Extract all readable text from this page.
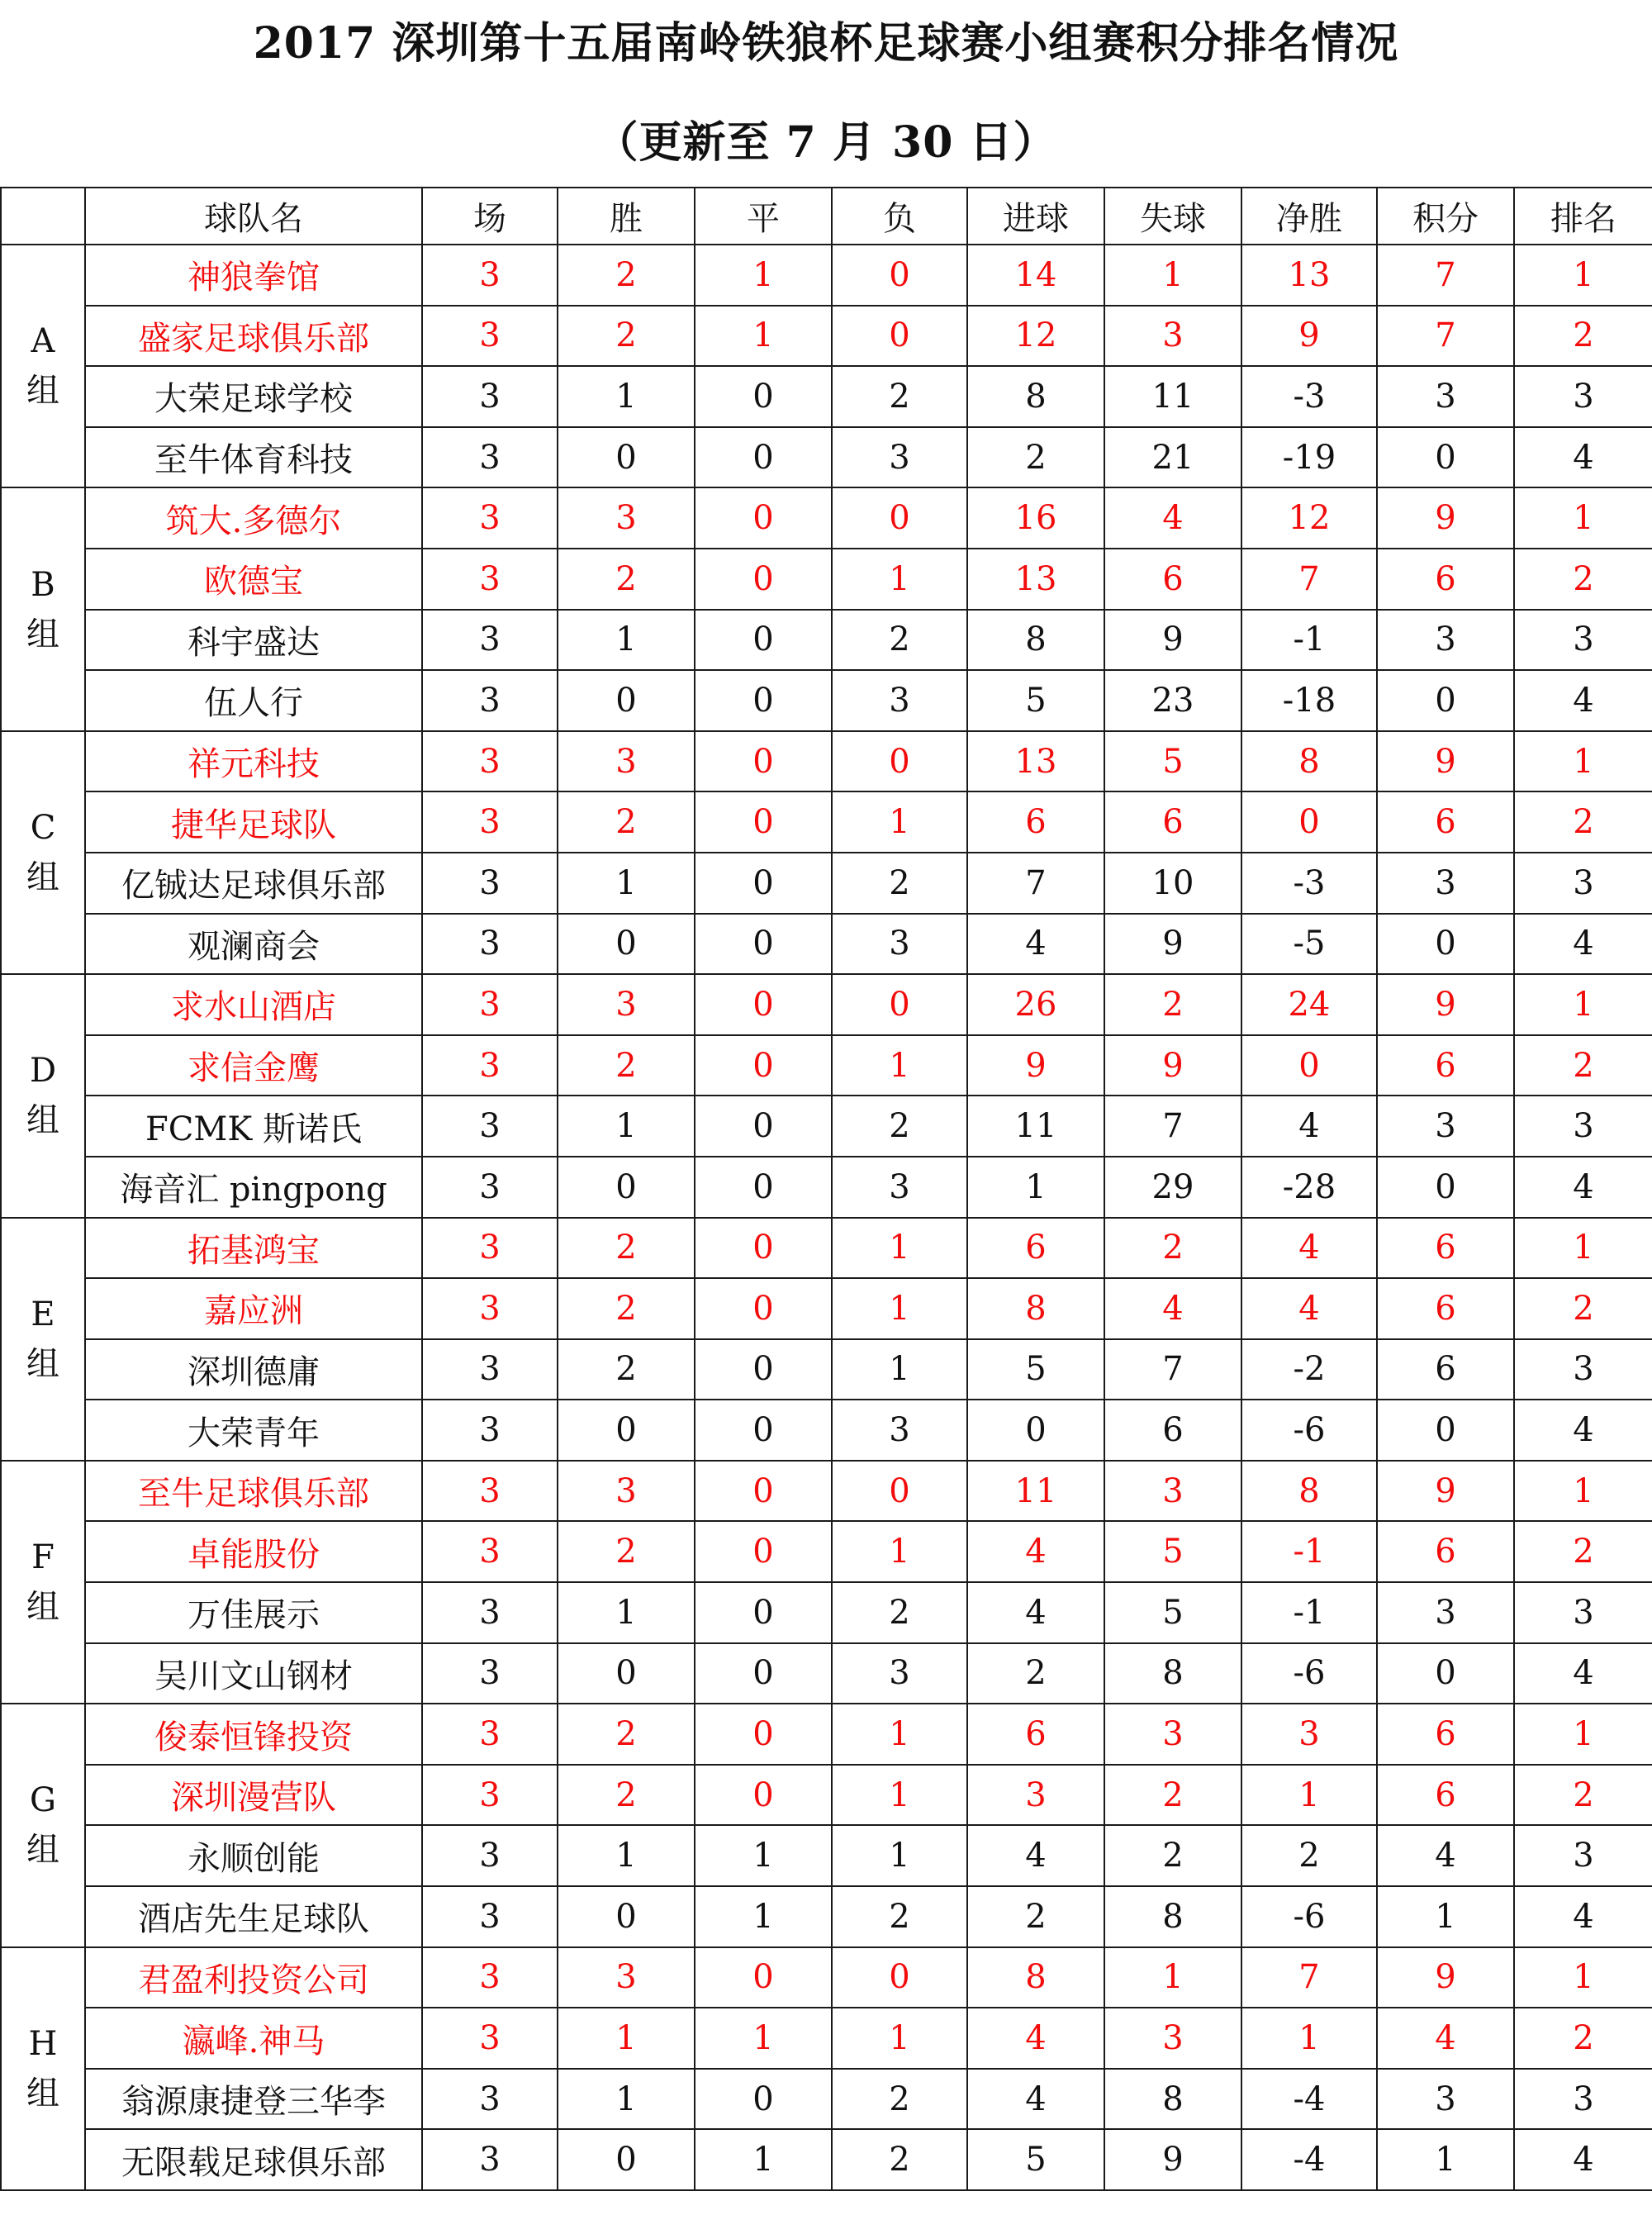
2017 深圳第十五届南岭铁狼杯足球赛小组赛积分排名情况
（更新至 7 月 30 日）
	球队名	场	胜	平	负	进球	失球	净胜	积分	排名

A
组	神狼拳馆	3	2	1	0	14	1	13	7	1
	盛家足球俱乐部	3	2	1	0	12	3	9	7	2
	大荣足球学校	3	1	0	2	8	11	-3	3	3
	至牛体育科技	3	0	0	3	2	21	-19	0	4

B
组	筑大.多德尔	3	3	0	0	16	4	12	9	1
	欧德宝	3	2	0	1	13	6	7	6	2
	科宇盛达	3	1	0	2	8	9	-1	3	3
	伍人行	3	0	0	3	5	23	-18	0	4

C
组	祥元科技	3	3	0	0	13	5	8	9	1
	捷华足球队	3	2	0	1	6	6	0	6	2
	亿铖达足球俱乐部	3	1	0	2	7	10	-3	3	3
	观澜商会	3	0	0	3	4	9	-5	0	4

D
组	求水山酒店	3	3	0	0	26	2	24	9	1
	求信金鹰	3	2	0	1	9	9	0	6	2
	FCMK 斯诺氏	3	1	0	2	11	7	4	3	3
	海音汇 pingpong	3	0	0	3	1	29	-28	0	4

E
组	拓基鸿宝	3	2	0	1	6	2	4	6	1
	嘉应洲	3	2	0	1	8	4	4	6	2
	深圳德庸	3	2	0	1	5	7	-2	6	3
	大荣青年	3	0	0	3	0	6	-6	0	4

F
组	至牛足球俱乐部	3	3	0	0	11	3	8	9	1
	卓能股份	3	2	0	1	4	5	-1	6	2
	万佳展示	3	1	0	2	4	5	-1	3	3
	吴川文山钢材	3	0	0	3	2	8	-6	0	4

G
组	俊泰恒锋投资	3	2	0	1	6	3	3	6	1
	深圳漫营队	3	2	0	1	3	2	1	6	2
	永顺创能	3	1	1	1	4	2	2	4	3
	酒店先生足球队	3	0	1	2	2	8	-6	1	4

H
组	君盈利投资公司	3	3	0	0	8	1	7	9	1
	瀛峰.神马	3	1	1	1	4	3	1	4	2
	翁源康捷登三华李	3	1	0	2	4	8	-4	3	3
	无限载足球俱乐部	3	0	1	2	5	9	-4	1	4
